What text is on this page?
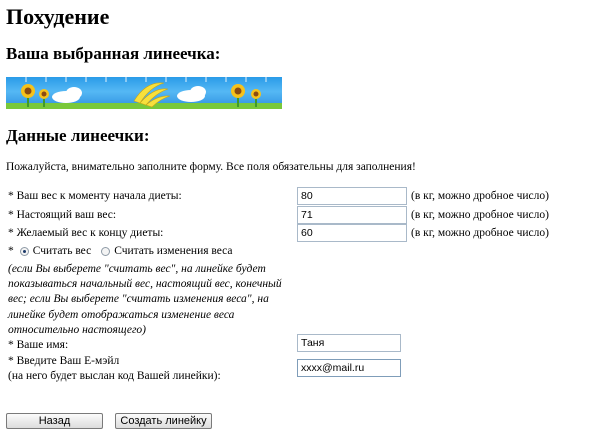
Похудение
Ваша выбранная линеечка:
Данные линеечки:
Пожалуйста, внимательно заполните форму. Все поля обязательны для заполнения!
* Ваш вес к моменту начала диеты:
80	(в кг, можно дробное число)
* Настоящий ваш вес:
71	(в кг, можно дробное число)
* Желаемый вес к концу диеты:
60	(в кг, можно дробное число)
* Считать вес Считать изменения веса
(если Вы выберете "считать вес", на линейке будет показываться начальный вес, настоящий вес, конечный вес; если Вы выберете "считать изменения веса", на линейке будет отображаться изменение веса относительно настоящего)
* Ваше имя:
Таня
* Введите Ваш E-мэйл
(на него будет выслан код Вашей линейки):
xxxx@mail.ru
Назад	Создать линейку
